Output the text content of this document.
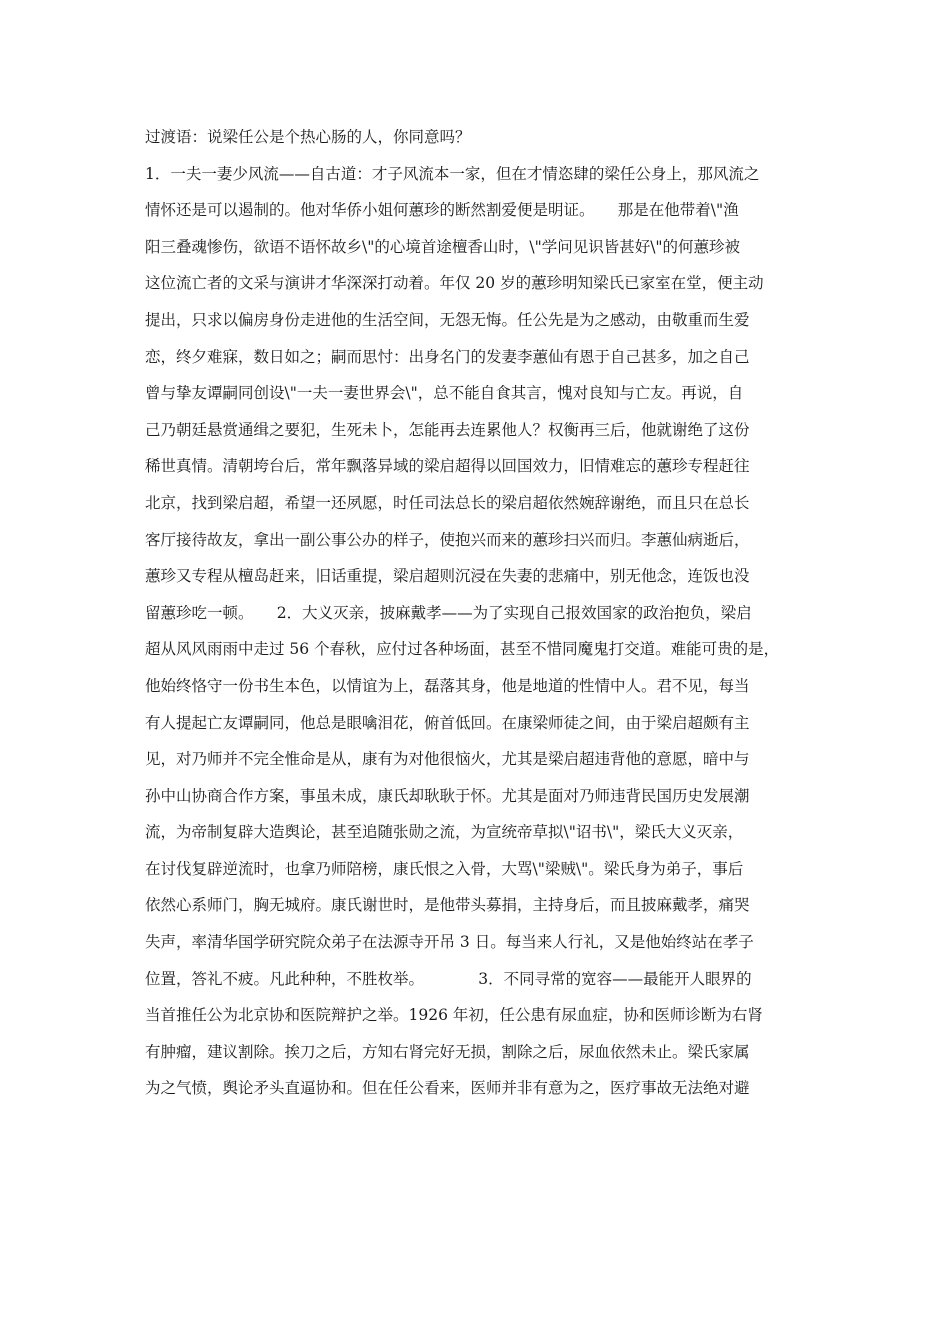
过渡语：说梁任公是个热心肠的人，你同意吗？
1．一夫一妻少风流——自古道：才子风流本一家，但在才情恣肆的梁任公身上，那风流之
情怀还是可以遏制的。他对华侨小姐何蕙珍的断然割爱便是明证。　　那是在他带着\"渔
阳三叠魂惨伤，欲语不语怀故乡\"的心境首途檀香山时，\"学问见识皆甚好\"的何蕙珍被
这位流亡者的文采与演讲才华深深打动着。年仅 20 岁的蕙珍明知梁氏已家室在堂，便主动
提出，只求以偏房身份走进他的生活空间，无怨无悔。任公先是为之感动，由敬重而生爱
恋，终夕难寐，数日如之；嗣而思忖：出身名门的发妻李蕙仙有恩于自己甚多，加之自己
曾与挚友谭嗣同创设\"一夫一妻世界会\"，总不能自食其言，愧对良知与亡友。再说，自
己乃朝廷悬赏通缉之要犯，生死未卜，怎能再去连累他人？权衡再三后，他就谢绝了这份
稀世真情。清朝垮台后，常年飘落异域的梁启超得以回国效力，旧情难忘的蕙珍专程赶往
北京，找到梁启超，希望一还夙愿，时任司法总长的梁启超依然婉辞谢绝，而且只在总长
客厅接待故友，拿出一副公事公办的样子，使抱兴而来的蕙珍扫兴而归。李蕙仙病逝后，
蕙珍又专程从檀岛赶来，旧话重提，梁启超则沉浸在失妻的悲痛中，别无他念，连饭也没
留蕙珍吃一顿。　　2．大义灭亲，披麻戴孝——为了实现自己报效国家的政治抱负，梁启
超从风风雨雨中走过 56 个春秋，应付过各种场面，甚至不惜同魔鬼打交道。难能可贵的是，
他始终恪守一份书生本色，以情谊为上，磊落其身，他是地道的性情中人。君不见，每当
有人提起亡友谭嗣同，他总是眼噙泪花，俯首低回。在康梁师徒之间，由于梁启超颇有主
见，对乃师并不完全惟命是从，康有为对他很恼火，尤其是梁启超违背他的意愿，暗中与
孙中山协商合作方案，事虽未成，康氏却耿耿于怀。尤其是面对乃师违背民国历史发展潮
流，为帝制复辟大造舆论，甚至追随张勋之流，为宣统帝草拟\"诏书\"，梁氏大义灭亲，
在讨伐复辟逆流时，也拿乃师陪榜，康氏恨之入骨，大骂\"梁贼\"。梁氏身为弟子，事后
依然心系师门，胸无城府。康氏谢世时，是他带头募捐，主持身后，而且披麻戴孝，痛哭
失声，率清华国学研究院众弟子在法源寺开吊 3 日。每当来人行礼，又是他始终站在孝子
位置，答礼不疲。凡此种种，不胜枚举。　　　　3．不同寻常的宽容——最能开人眼界的
当首推任公为北京协和医院辩护之举。1926 年初，任公患有尿血症，协和医师诊断为右肾
有肿瘤，建议割除。挨刀之后，方知右肾完好无损，割除之后，尿血依然未止。梁氏家属
为之气愤，舆论矛头直逼协和。但在任公看来，医师并非有意为之，医疗事故无法绝对避
